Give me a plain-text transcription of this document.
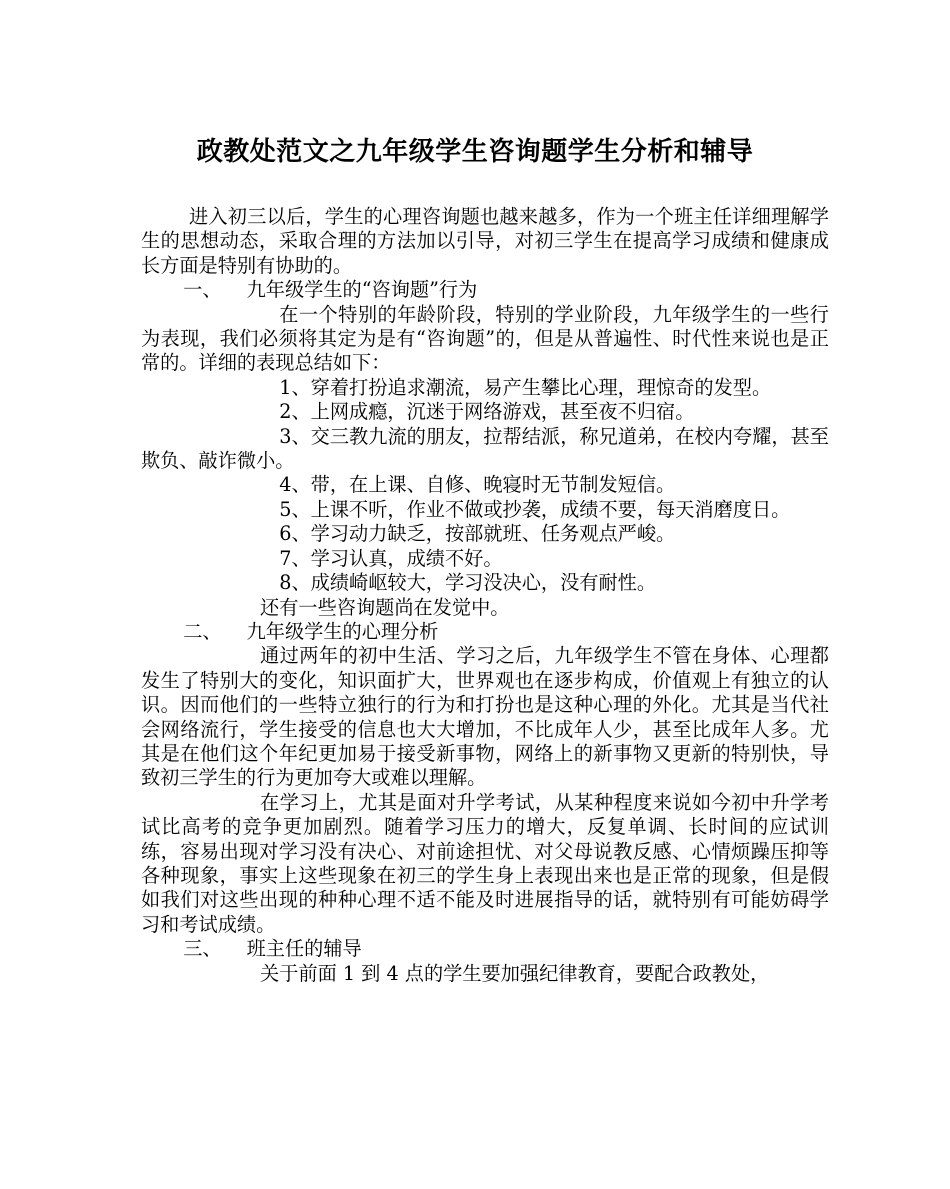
政教处范文之九年级学生咨询题学生分析和辅导

进入初三以后，学生的心理咨询题也越来越多，作为一个班主任详细理解学生的思想动态，采取合理的方法加以引导，对初三学生在提高学习成绩和健康成长方面是特别有协助的。

一、 九年级学生的“咨询题”行为

在一个特别的年龄阶段，特别的学业阶段，九年级学生的一些行为表现，我们必须将其定为是有“咨询题”的，但是从普遍性、时代性来说也是正常的。详细的表现总结如下：

1、穿着打扮追求潮流，易产生攀比心理，理惊奇的发型。

2、上网成瘾，沉迷于网络游戏，甚至夜不归宿。

3、交三教九流的朋友，拉帮结派，称兄道弟，在校内夸耀，甚至欺负、敲诈微小。

4、带，在上课、自修、晚寝时无节制发短信。

5、上课不听，作业不做或抄袭，成绩不要，每天消磨度日。

6、学习动力缺乏，按部就班、任务观点严峻。

7、学习认真，成绩不好。

8、成绩崎岖较大，学习没决心，没有耐性。

还有一些咨询题尚在发觉中。

二、 九年级学生的心理分析

通过两年的初中生活、学习之后，九年级学生不管在身体、心理都发生了特别大的变化，知识面扩大，世界观也在逐步构成，价值观上有独立的认识。因而他们的一些特立独行的行为和打扮也是这种心理的外化。尤其是当代社会网络流行，学生接受的信息也大大增加，不比成年人少，甚至比成年人多。尤其是在他们这个年纪更加易于接受新事物，网络上的新事物又更新的特别快，导致初三学生的行为更加夸大或难以理解。

在学习上，尤其是面对升学考试，从某种程度来说如今初中升学考试比高考的竞争更加剧烈。随着学习压力的增大，反复单调、长时间的应试训练，容易出现对学习没有决心、对前途担忧、对父母说教反感、心情烦躁压抑等各种现象，事实上这些现象在初三的学生身上表现出来也是正常的现象，但是假如我们对这些出现的种种心理不适不能及时进展指导的话，就特别有可能妨碍学习和考试成绩。

三、 班主任的辅导

关于前面 1 到 4 点的学生要加强纪律教育，要配合政教处，
